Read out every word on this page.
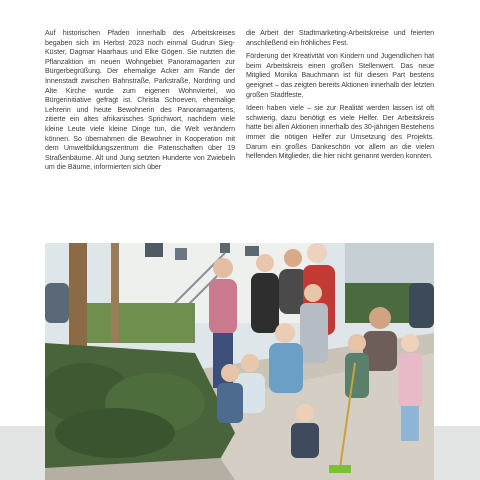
Auf historischen Pfaden innerhalb des Arbeitskreises begaben sich im Herbst 2023 noch einmal Gudrun Sieg-Küster, Dagmar Haarhaus und Elke Gögen. Sie nutzten die Pflanzaktion im neuen Wohngebiet Panoramagarten zur Bürgerbegrüßung. Der ehemalige Acker am Rande der Innenstadt zwischen Bahnstraße, Parkstraße, Nordring und Alte Kirche wurde zum eigenen Wohnviertel, wo Bürgerinitiative gefragt ist. Christa Schoeven, ehemalige Lehrerin und heute Bewohnerin des Panoramagartens, zitierte ein altes afrikanisches Sprichwort, nachdem viele kleine Leute viele kleine Dinge tun, die Welt verändern können. So übernahmen die Bewohner in Kooperation mit dem Umweltbildungszentrum die Patenschaften über 19 Straßenbäume. Alt und Jung setzten Hunderte von Zwiebeln um die Bäume, informierten sich über

die Arbeit der Stadtmarketing-Arbeitskreise und feierten anschließend ein fröhliches Fest.

Förderung der Kreativität von Kindern und Jugendlichen hat beim Arbeitskreis einen großen Stellenwert. Das neue Mitglied Monika Bauchmann ist für diesen Part bestens geeignet – das zeigten bereits Aktionen innerhalb der letzten großen Stadtfeste.

Ideen haben viele – sie zur Realität werden lassen ist oft schwierig, dazu benötigt es viele Helfer. Der Arbeitskreis hatte bei allen Aktionen innerhalb des 30-jährigen Bestehens immer die nötigen Helfer zur Umsetzung des Projekts. Darum ein großes Dankeschön vor allem an die vielen helfenden Mitglieder, die hier nicht genannt werden konnten.
